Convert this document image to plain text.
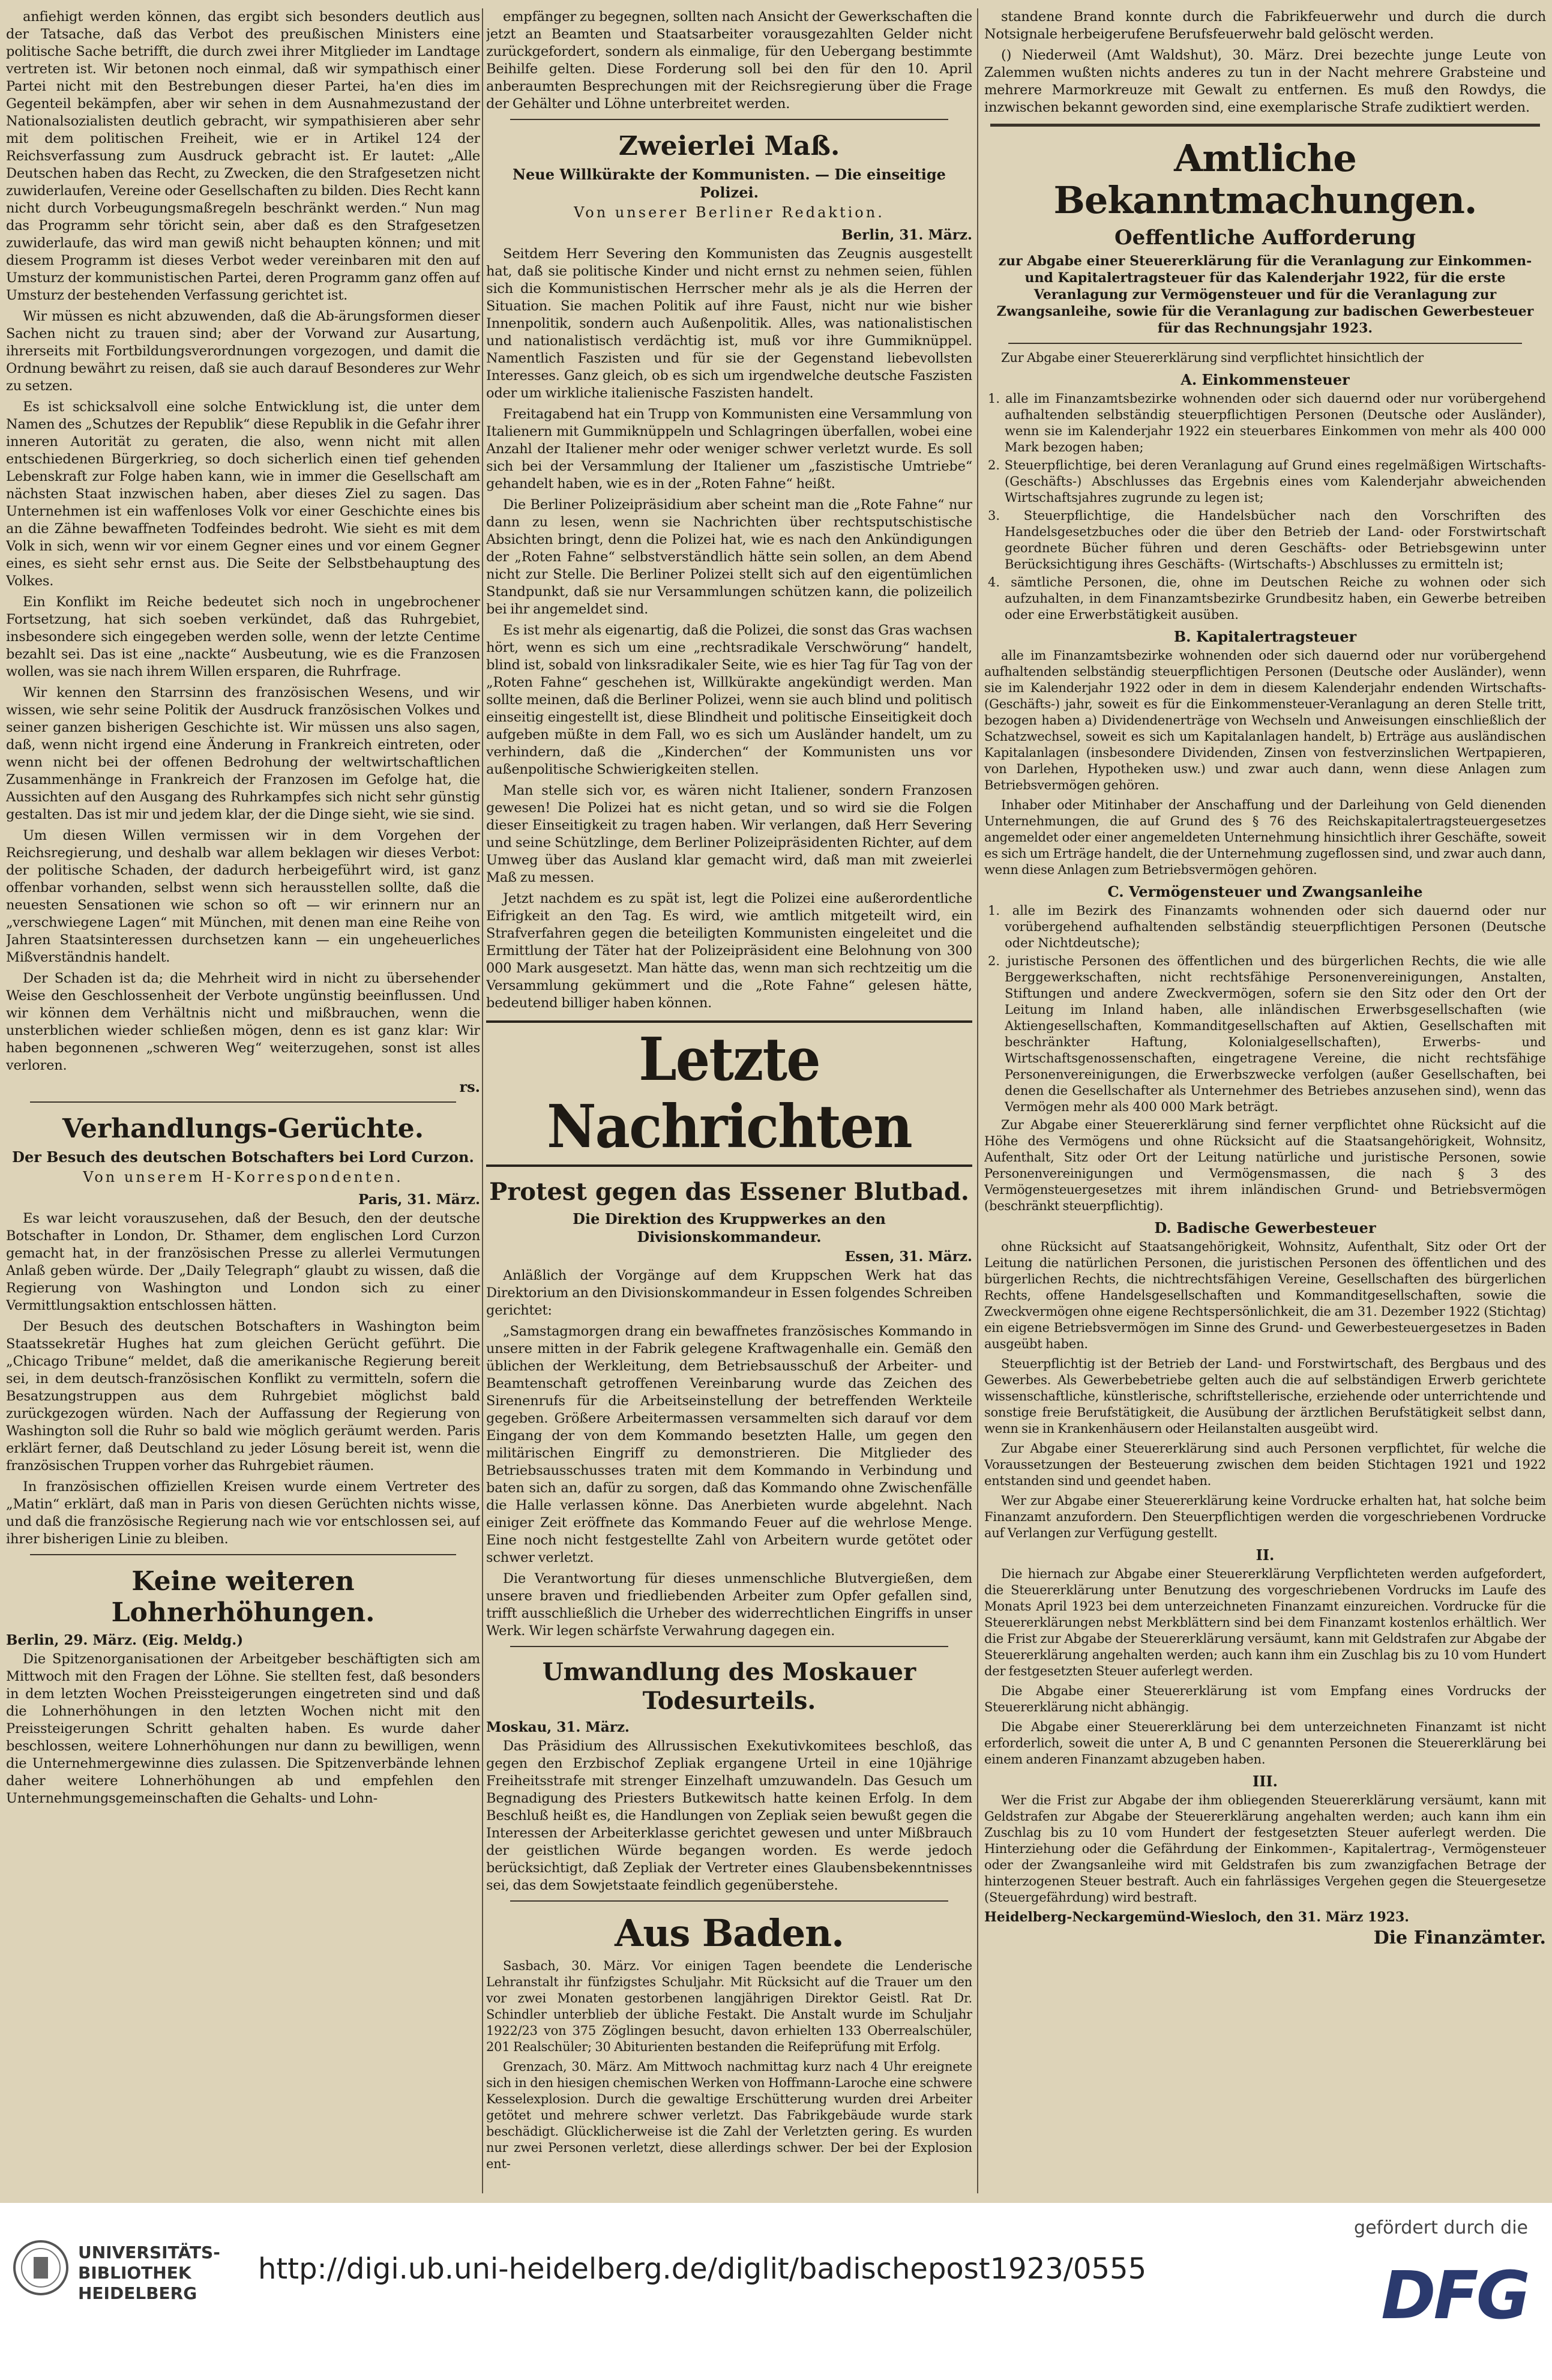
anfiehigt werden können, das ergibt sich besonders deutlich aus der Tatsache, daß das Verbot des preußischen Ministers eine politische Sache betrifft, die durch zwei ihrer Mitglieder im Landtage vertreten ist. Wir betonen noch einmal, daß wir sympathisch einer Partei nicht mit den Bestrebungen dieser Partei, ha'en dies im Gegenteil bekämpfen, aber wir sehen in dem Ausnahmezustand der Nationalsozialisten deutlich gebracht, wir sympathisieren aber sehr mit dem politischen Freiheit, wie er in Artikel 124 der Reichsverfassung zum Ausdruck gebracht ist. Er lautet: „Alle Deutschen haben das Recht, zu Zwecken, die den Strafgesetzen nicht zuwiderlaufen, Vereine oder Gesellschaften zu bilden. Dies Recht kann nicht durch Vorbeugungsmaßregeln beschränkt werden.“ Nun mag das Programm sehr töricht sein, aber daß es den Strafgesetzen zuwiderlaufe, das wird man gewiß nicht behaupten können; und mit diesem Programm ist dieses Verbot weder vereinbaren mit den auf Umsturz der kommunistischen Partei, deren Programm ganz offen auf Umsturz der bestehenden Verfassung gerichtet ist.

Wir müssen es nicht abzuwenden, daß die Ab-ärungsformen dieser Sachen nicht zu trauen sind; aber der Vorwand zur Ausartung, ihrerseits mit Fortbildungsverordnungen vorgezogen, und damit die Ordnung bewährt zu reisen, daß sie auch darauf Besonderes zur Wehr zu setzen.

Es ist schicksalvoll eine solche Entwicklung ist, die unter dem Namen des „Schutzes der Republik“ diese Republik in die Gefahr ihrer inneren Autorität zu geraten, die also, wenn nicht mit allen entschiedenen Bürgerkrieg, so doch sicherlich einen tief gehenden Lebenskraft zur Folge haben kann, wie in immer die Gesellschaft am nächsten Staat inzwischen haben, aber dieses Ziel zu sagen. Das Unternehmen ist ein waffenloses Volk vor einer Geschichte eines bis an die Zähne bewaffneten Todfeindes bedroht. Wie sieht es mit dem Volk in sich, wenn wir vor einem Gegner eines und vor einem Gegner eines, es sieht sehr ernst aus. Die Seite der Selbstbehauptung des Volkes.

Ein Konflikt im Reiche bedeutet sich noch in ungebrochener Fortsetzung, hat sich soeben verkündet, daß das Ruhrgebiet, insbesondere sich eingegeben werden solle, wenn der letzte Centime bezahlt sei. Das ist eine „nackte“ Ausbeutung, wie es die Franzosen wollen, was sie nach ihrem Willen ersparen, die Ruhrfrage.

Wir kennen den Starrsinn des französischen Wesens, und wir wissen, wie sehr seine Politik der Ausdruck französischen Volkes und seiner ganzen bisherigen Geschichte ist. Wir müssen uns also sagen, daß, wenn nicht irgend eine Änderung in Frankreich eintreten, oder wenn nicht bei der offenen Bedrohung der weltwirtschaftlichen Zusammenhänge in Frankreich der Franzosen im Gefolge hat, die Aussichten auf den Ausgang des Ruhrkampfes sich nicht sehr günstig gestalten. Das ist mir und jedem klar, der die Dinge sieht, wie sie sind.

Um diesen Willen vermissen wir in dem Vorgehen der Reichsregierung, und deshalb war allem beklagen wir dieses Verbot: der politische Schaden, der dadurch herbeigeführt wird, ist ganz offenbar vorhanden, selbst wenn sich herausstellen sollte, daß die neuesten Sensationen wie schon so oft — wir erinnern nur an „verschwiegene Lagen“ mit München, mit denen man eine Reihe von Jahren Staatsinteressen durchsetzen kann — ein ungeheuerliches Mißverständnis handelt.

Der Schaden ist da; die Mehrheit wird in nicht zu übersehender Weise den Geschlossenheit der Verbote ungünstig beeinflussen. Und wir können dem Verhältnis nicht und mißbrauchen, wenn die unsterblichen wieder schließen mögen, denn es ist ganz klar: Wir haben begonnenen „schweren Weg“ weiterzugehen, sonst ist alles verloren.

rs.
Verhandlungs-Gerüchte.
Der Besuch des deutschen Botschafters bei Lord Curzon.
Von unserem H-Korrespondenten.
Paris, 31. März.

Es war leicht vorauszusehen, daß der Besuch, den der deutsche Botschafter in London, Dr. Sthamer, dem englischen Lord Curzon gemacht hat, in der französischen Presse zu allerlei Vermutungen Anlaß geben würde. Der „Daily Telegraph“ glaubt zu wissen, daß die Regierung von Washington und London sich zu einer Vermittlungsaktion entschlossen hätten.

Der Besuch des deutschen Botschafters in Washington beim Staatssekretär Hughes hat zum gleichen Gerücht geführt. Die „Chicago Tribune“ meldet, daß die amerikanische Regierung bereit sei, in dem deutsch-französischen Konflikt zu vermitteln, sofern die Besatzungstruppen aus dem Ruhrgebiet möglichst bald zurückgezogen würden. Nach der Auffassung der Regierung von Washington soll die Ruhr so bald wie möglich geräumt werden. Paris erklärt ferner, daß Deutschland zu jeder Lösung bereit ist, wenn die französischen Truppen vorher das Ruhrgebiet räumen.

In französischen offiziellen Kreisen wurde einem Vertreter des „Matin“ erklärt, daß man in Paris von diesen Gerüchten nichts wisse, und daß die französische Regierung nach wie vor entschlossen sei, auf ihrer bisherigen Linie zu bleiben.

Keine weiteren Lohnerhöhungen.
Berlin, 29. März. (Eig. Meldg.)

Die Spitzenorganisationen der Arbeitgeber beschäftigten sich am Mittwoch mit den Fragen der Löhne. Sie stellten fest, daß besonders in dem letzten Wochen Preissteigerungen eingetreten sind und daß die Lohnerhöhungen in den letzten Wochen nicht mit den Preissteigerungen Schritt gehalten haben. Es wurde daher beschlossen, weitere Lohnerhöhungen nur dann zu bewilligen, wenn die Unternehmergewinne dies zulassen. Die Spitzenverbände lehnen daher weitere Lohnerhöhungen ab und empfehlen den Unternehmungsgemeinschaften die Gehalts- und Lohn-

empfänger zu begegnen, sollten nach Ansicht der Gewerkschaften die jetzt an Beamten und Staatsarbeiter vorausgezahlten Gelder nicht zurückgefordert, sondern als einmalige, für den Uebergang bestimmte Beihilfe gelten. Diese Forderung soll bei den für den 10. April anberaumten Besprechungen mit der Reichsregierung über die Frage der Gehälter und Löhne unterbreitet werden.

Zweierlei Maß.
Neue Willkürakte der Kommunisten. — Die einseitige Polizei.
Von unserer Berliner Redaktion.
Berlin, 31. März.

Seitdem Herr Severing den Kommunisten das Zeugnis ausgestellt hat, daß sie politische Kinder und nicht ernst zu nehmen seien, fühlen sich die Kommunistischen Herrscher mehr als je als die Herren der Situation. Sie machen Politik auf ihre Faust, nicht nur wie bisher Innenpolitik, sondern auch Außenpolitik. Alles, was nationalistischen und nationalistisch verdächtig ist, muß vor ihre Gummiknüppel. Namentlich Faszisten und für sie der Gegenstand liebevollsten Interesses. Ganz gleich, ob es sich um irgendwelche deutsche Faszisten oder um wirkliche italienische Faszisten handelt.

Freitagabend hat ein Trupp von Kommunisten eine Versammlung von Italienern mit Gummiknüppeln und Schlagringen überfallen, wobei eine Anzahl der Italiener mehr oder weniger schwer verletzt wurde. Es soll sich bei der Versammlung der Italiener um „faszistische Umtriebe“ gehandelt haben, wie es in der „Roten Fahne“ heißt.

Die Berliner Polizeipräsidium aber scheint man die „Rote Fahne“ nur dann zu lesen, wenn sie Nachrichten über rechtsputschistische Absichten bringt, denn die Polizei hat, wie es nach den Ankündigungen der „Roten Fahne“ selbstverständlich hätte sein sollen, an dem Abend nicht zur Stelle. Die Berliner Polizei stellt sich auf den eigentümlichen Standpunkt, daß sie nur Versammlungen schützen kann, die polizeilich bei ihr angemeldet sind.

Es ist mehr als eigenartig, daß die Polizei, die sonst das Gras wachsen hört, wenn es sich um eine „rechtsradikale Verschwörung“ handelt, blind ist, sobald von linksradikaler Seite, wie es hier Tag für Tag von der „Roten Fahne“ geschehen ist, Willkürakte angekündigt werden. Man sollte meinen, daß die Berliner Polizei, wenn sie auch blind und politisch einseitig eingestellt ist, diese Blindheit und politische Einseitigkeit doch aufgeben müßte in dem Fall, wo es sich um Ausländer handelt, um zu verhindern, daß die „Kinderchen“ der Kommunisten uns vor außenpolitische Schwierigkeiten stellen.

Man stelle sich vor, es wären nicht Italiener, sondern Franzosen gewesen! Die Polizei hat es nicht getan, und so wird sie die Folgen dieser Einseitigkeit zu tragen haben. Wir verlangen, daß Herr Severing und seine Schützlinge, dem Berliner Polizeipräsidenten Richter, auf dem Umweg über das Ausland klar gemacht wird, daß man mit zweierlei Maß zu messen.

Jetzt nachdem es zu spät ist, legt die Polizei eine außerordentliche Eifrigkeit an den Tag. Es wird, wie amtlich mitgeteilt wird, ein Strafverfahren gegen die beteiligten Kommunisten eingeleitet und die Ermittlung der Täter hat der Polizeipräsident eine Belohnung von 300 000 Mark ausgesetzt. Man hätte das, wenn man sich rechtzeitig um die Versammlung gekümmert und die „Rote Fahne“ gelesen hätte, bedeutend billiger haben können.

Letzte Nachrichten
Protest gegen das Essener Blutbad.
Die Direktion des Kruppwerkes an den Divisionskommandeur.
Essen, 31. März.

Anläßlich der Vorgänge auf dem Kruppschen Werk hat das Direktorium an den Divisionskommandeur in Essen folgendes Schreiben gerichtet:

„Samstagmorgen drang ein bewaffnetes französisches Kommando in unsere mitten in der Fabrik gelegene Kraftwagenhalle ein. Gemäß den üblichen der Werkleitung, dem Betriebsausschuß der Arbeiter- und Beamtenschaft getroffenen Vereinbarung wurde das Zeichen des Sirenenrufs für die Arbeitseinstellung der betreffenden Werkteile gegeben. Größere Arbeitermassen versammelten sich darauf vor dem Eingang der von dem Kommando besetzten Halle, um gegen den militärischen Eingriff zu demonstrieren. Die Mitglieder des Betriebsausschusses traten mit dem Kommando in Verbindung und baten sich an, dafür zu sorgen, daß das Kommando ohne Zwischenfälle die Halle verlassen könne. Das Anerbieten wurde abgelehnt. Nach einiger Zeit eröffnete das Kommando Feuer auf die wehrlose Menge. Eine noch nicht festgestellte Zahl von Arbeitern wurde getötet oder schwer verletzt.

Die Verantwortung für dieses unmenschliche Blutvergießen, dem unsere braven und friedliebenden Arbeiter zum Opfer gefallen sind, trifft ausschließlich die Urheber des widerrechtlichen Eingriffs in unser Werk. Wir legen schärfste Verwahrung dagegen ein.

Umwandlung des Moskauer Todesurteils.
Moskau, 31. März.

Das Präsidium des Allrussischen Exekutivkomitees beschloß, das gegen den Erzbischof Zepliak ergangene Urteil in eine 10jährige Freiheitsstrafe mit strenger Einzelhaft umzuwandeln. Das Gesuch um Begnadigung des Priesters Butkewitsch hatte keinen Erfolg. In dem Beschluß heißt es, die Handlungen von Zepliak seien bewußt gegen die Interessen der Arbeiterklasse gerichtet gewesen und unter Mißbrauch der geistlichen Würde begangen worden. Es werde jedoch berücksichtigt, daß Zepliak der Vertreter eines Glaubensbekenntnisses sei, das dem Sowjetstaate feindlich gegenüberstehe.

Aus Baden.

Sasbach, 30. März. Vor einigen Tagen beendete die Lenderische Lehranstalt ihr fünfzigstes Schuljahr. Mit Rücksicht auf die Trauer um den vor zwei Monaten gestorbenen langjährigen Direktor Geistl. Rat Dr. Schindler unterblieb der übliche Festakt. Die Anstalt wurde im Schuljahr 1922/23 von 375 Zöglingen besucht, davon erhielten 133 Oberrealschüler, 201 Realschüler; 30 Abiturienten bestanden die Reifeprüfung mit Erfolg.

Grenzach, 30. März. Am Mittwoch nachmittag kurz nach 4 Uhr ereignete sich in den hiesigen chemischen Werken von Hoffmann-Laroche eine schwere Kesselexplosion. Durch die gewaltige Erschütterung wurden drei Arbeiter getötet und mehrere schwer verletzt. Das Fabrikgebäude wurde stark beschädigt. Glücklicherweise ist die Zahl der Verletzten gering. Es wurden nur zwei Personen verletzt, diese allerdings schwer. Der bei der Explosion ent-

standene Brand konnte durch die Fabrikfeuerwehr und durch die durch Notsignale herbeigerufene Berufsfeuerwehr bald gelöscht werden.

() Niederweil (Amt Waldshut), 30. März. Drei bezechte junge Leute von Zalemmen wußten nichts anderes zu tun in der Nacht mehrere Grabsteine und mehrere Marmorkreuze mit Gewalt zu entfernen. Es muß den Rowdys, die inzwischen bekannt geworden sind, eine exemplarische Strafe zudiktiert werden.

Amtliche Bekanntmachungen.
Oeffentliche Aufforderung
zur Abgabe einer Steuererklärung für die Veranlagung zur Einkommen- und Kapitalertragsteuer für das Kalenderjahr 1922, für die erste Veranlagung zur Vermögensteuer und für die Veranlagung zur Zwangsanleihe, sowie für die Veranlagung zur badischen Gewerbesteuer für das Rechnungsjahr 1923.

Zur Abgabe einer Steuererklärung sind verpflichtet hinsichtlich der

A. Einkommensteuer

1. alle im Finanzamtsbezirke wohnenden oder sich dauernd oder nur vorübergehend aufhaltenden selbständig steuerpflichtigen Personen (Deutsche oder Ausländer), wenn sie im Kalenderjahr 1922 ein steuerbares Einkommen von mehr als 400 000 Mark bezogen haben;

2. Steuerpflichtige, bei deren Veranlagung auf Grund eines regelmäßigen Wirtschafts- (Geschäfts-) Abschlusses das Ergebnis eines vom Kalenderjahr abweichenden Wirtschaftsjahres zugrunde zu legen ist;

3. Steuerpflichtige, die Handelsbücher nach den Vorschriften des Handelsgesetzbuches oder die über den Betrieb der Land- oder Forstwirtschaft geordnete Bücher führen und deren Geschäfts- oder Betriebsgewinn unter Berücksichtigung ihres Geschäfts- (Wirtschafts-) Abschlusses zu ermitteln ist;

4. sämtliche Personen, die, ohne im Deutschen Reiche zu wohnen oder sich aufzuhalten, in dem Finanzamtsbezirke Grundbesitz haben, ein Gewerbe betreiben oder eine Erwerbstätigkeit ausüben.

B. Kapitalertragsteuer

alle im Finanzamtsbezirke wohnenden oder sich dauernd oder nur vorübergehend aufhaltenden selbständig steuerpflichtigen Personen (Deutsche oder Ausländer), wenn sie im Kalenderjahr 1922 oder in dem in diesem Kalenderjahr endenden Wirtschafts- (Geschäfts-) jahr, soweit es für die Einkommensteuer-Veranlagung an deren Stelle tritt, bezogen haben a) Dividendenerträge von Wechseln und Anweisungen einschließlich der Schatzwechsel, soweit es sich um Kapitalanlagen handelt, b) Erträge aus ausländischen Kapitalanlagen (insbesondere Dividenden, Zinsen von festverzinslichen Wertpapieren, von Darlehen, Hypotheken usw.) und zwar auch dann, wenn diese Anlagen zum Betriebsvermögen gehören.

Inhaber oder Mitinhaber der Anschaffung und der Darleihung von Geld dienenden Unternehmungen, die auf Grund des § 76 des Reichskapitalertragsteuergesetzes angemeldet oder einer angemeldeten Unternehmung hinsichtlich ihrer Geschäfte, soweit es sich um Erträge handelt, die der Unternehmung zugeflossen sind, und zwar auch dann, wenn diese Anlagen zum Betriebsvermögen gehören.

C. Vermögensteuer und Zwangsanleihe

1. alle im Bezirk des Finanzamts wohnenden oder sich dauernd oder nur vorübergehend aufhaltenden selbständig steuerpflichtigen Personen (Deutsche oder Nichtdeutsche);

2. juristische Personen des öffentlichen und des bürgerlichen Rechts, die wie alle Berggewerkschaften, nicht rechtsfähige Personenvereinigungen, Anstalten, Stiftungen und andere Zweckvermögen, sofern sie den Sitz oder den Ort der Leitung im Inland haben, alle inländischen Erwerbsgesellschaften (wie Aktiengesellschaften, Kommanditgesellschaften auf Aktien, Gesellschaften mit beschränkter Haftung, Kolonialgesellschaften), Erwerbs- und Wirtschaftsgenossenschaften, eingetragene Vereine, die nicht rechtsfähige Personenvereinigungen, die Erwerbszwecke verfolgen (außer Gesellschaften, bei denen die Gesellschafter als Unternehmer des Betriebes anzusehen sind), wenn das Vermögen mehr als 400 000 Mark beträgt.

Zur Abgabe einer Steuererklärung sind ferner verpflichtet ohne Rücksicht auf die Höhe des Vermögens und ohne Rücksicht auf die Staatsangehörigkeit, Wohnsitz, Aufenthalt, Sitz oder Ort der Leitung natürliche und juristische Personen, sowie Personenvereinigungen und Vermögensmassen, die nach § 3 des Vermögensteuergesetzes mit ihrem inländischen Grund- und Betriebsvermögen (beschränkt steuerpflichtig).

D. Badische Gewerbesteuer

ohne Rücksicht auf Staatsangehörigkeit, Wohnsitz, Aufenthalt, Sitz oder Ort der Leitung die natürlichen Personen, die juristischen Personen des öffentlichen und des bürgerlichen Rechts, die nichtrechtsfähigen Vereine, Gesellschaften des bürgerlichen Rechts, offene Handelsgesellschaften und Kommanditgesellschaften, sowie die Zweckvermögen ohne eigene Rechtspersönlichkeit, die am 31. Dezember 1922 (Stichtag) ein eigene Betriebsvermögen im Sinne des Grund- und Gewerbesteuergesetzes in Baden ausgeübt haben.

Steuerpflichtig ist der Betrieb der Land- und Forstwirtschaft, des Bergbaus und des Gewerbes. Als Gewerbebetriebe gelten auch die auf selbständigen Erwerb gerichtete wissenschaftliche, künstlerische, schriftstellerische, erziehende oder unterrichtende und sonstige freie Berufstätigkeit, die Ausübung der ärztlichen Berufstätigkeit selbst dann, wenn sie in Krankenhäusern oder Heilanstalten ausgeübt wird.

Zur Abgabe einer Steuererklärung sind auch Personen verpflichtet, für welche die Voraussetzungen der Besteuerung zwischen dem beiden Stichtagen 1921 und 1922 entstanden sind und geendet haben.

Wer zur Abgabe einer Steuererklärung keine Vordrucke erhalten hat, hat solche beim Finanzamt anzufordern. Den Steuerpflichtigen werden die vorgeschriebenen Vordrucke auf Verlangen zur Verfügung gestellt.

II.

Die hiernach zur Abgabe einer Steuererklärung Verpflichteten werden aufgefordert, die Steuererklärung unter Benutzung des vorgeschriebenen Vordrucks im Laufe des Monats April 1923 bei dem unterzeichneten Finanzamt einzureichen. Vordrucke für die Steuererklärungen nebst Merkblättern sind bei dem Finanzamt kostenlos erhältlich. Wer die Frist zur Abgabe der Steuererklärung versäumt, kann mit Geldstrafen zur Abgabe der Steuererklärung angehalten werden; auch kann ihm ein Zuschlag bis zu 10 vom Hundert der festgesetzten Steuer auferlegt werden.

Die Abgabe einer Steuererklärung ist vom Empfang eines Vordrucks der Steuererklärung nicht abhängig.

Die Abgabe einer Steuererklärung bei dem unterzeichneten Finanzamt ist nicht erforderlich, soweit die unter A, B und C genannten Personen die Steuererklärung bei einem anderen Finanzamt abzugeben haben.

III.

Wer die Frist zur Abgabe der ihm obliegenden Steuererklärung versäumt, kann mit Geldstrafen zur Abgabe der Steuererklärung angehalten werden; auch kann ihm ein Zuschlag bis zu 10 vom Hundert der festgesetzten Steuer auferlegt werden. Die Hinterziehung oder die Gefährdung der Einkommen-, Kapitalertrag-, Vermögensteuer oder der Zwangsanleihe wird mit Geldstrafen bis zum zwanzigfachen Betrage der hinterzogenen Steuer bestraft. Auch ein fahrlässiges Vergehen gegen die Steuergesetze (Steuergefährdung) wird bestraft.

Heidelberg-Neckargemünd-Wiesloch, den 31. März 1923.
Die Finanzämter.
UNIVERSITÄTS-
BIBLIOTHEK
HEIDELBERG
http://digi.ub.uni-heidelberg.de/diglit/badischepost1923/0555
gefördert durch die
DFG
